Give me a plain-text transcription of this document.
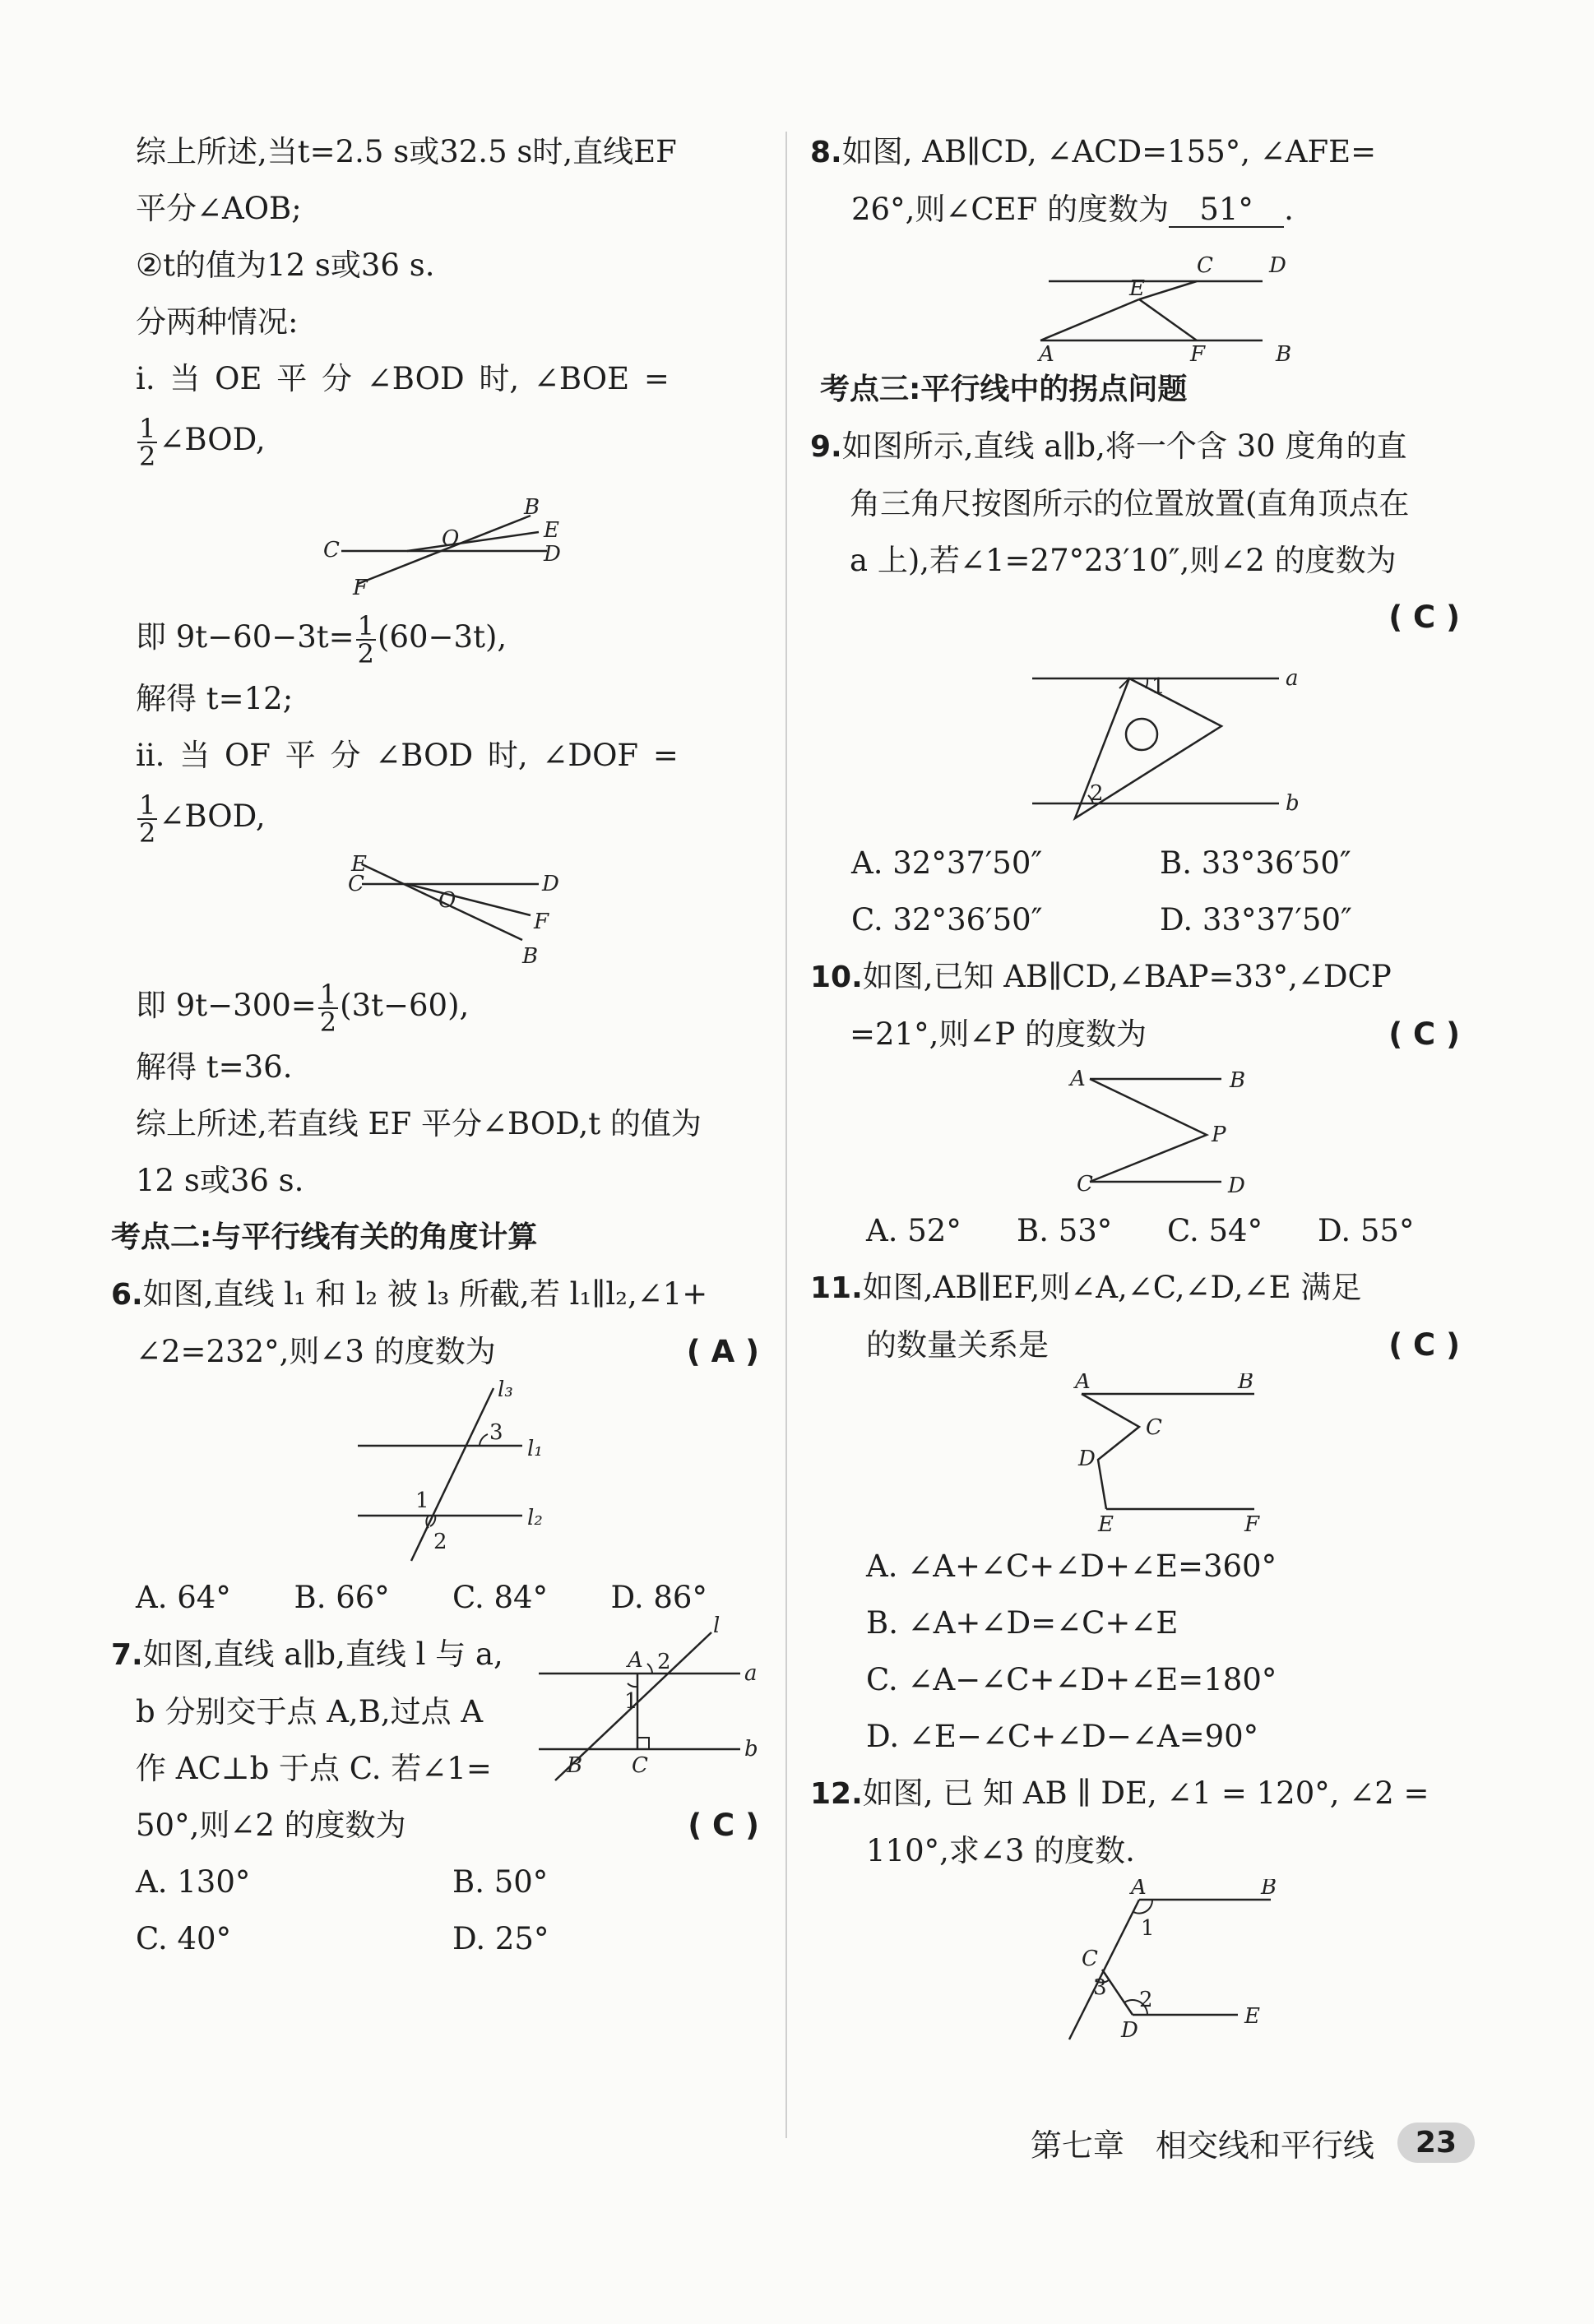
综上所述,当t=2.5 s或32.5 s时,直线EF

平分∠AOB;

②t的值为12 s或36 s.

分两种情况:

ⅰ. 当 OE 平 分 ∠BOD 时, ∠BOE =

$\frac{1}{2}$ ∠BOD,

B
E
C	O
D
F

即 $9t-60-3t= \frac{1}{2} (60-3t)$,

解得 t=12;

ⅱ. 当 OF 平 分 ∠BOD 时, ∠DOF =

$\frac{1}{2}$ ∠BOD,

E
C
O
D
F
B

即 $9t-300= \frac{1}{2} (3t-60)$,

解得 t=36.

综上所述,若直线 EF 平分∠BOD,t 的值为

12 s或36 s.

考点二:与平行线有关的角度计算

6.如图,直线 l₁ 和 l₂ 被 l₃ 所截,若 l₁∥l₂,∠1+

∠2=232°,则∠3 的度数为	( A )

l₃
3
l₁
1
l₂
2
A. 64°	B. 66°	C. 84°	D. 86°

7.如图,直线 a∥b,直线 l 与 a,

b 分别交于点 A,B,过点 A

作 AC⊥b 于点 C. 若∠1=

50°,则∠2 的度数为	( C )

l
A 2	a
1
b
B C
A. 130°	B. 50°
C. 40°	D. 25°

8.如图, AB∥CD, ∠ACD=155°, ∠AFE=

26°,则∠CEF 的度数为 51° .

C	D
E
A	F	B

考点三:平行线中的拐点问题

9.如图所示,直线 a∥b,将一个含 30 度角的直

角三角尺按图所示的位置放置(直角顶点在

a 上),若∠1=27°23′10″,则∠2 的度数为

( C )

a
b
1
2
A. 32°37′50″	B. 33°36′50″
C. 32°36′50″	D. 33°37′50″

10.如图,已知 AB∥CD,∠BAP=33°,∠DCP

=21°,则∠P 的度数为	( C )

A	B
P
C	D
A. 52°	B. 53°	C. 54°	D. 55°

11.如图,AB∥EF,则∠A,∠C,∠D,∠E 满足

的数量关系是	( C )

A	B
C
D
E	F

A. ∠A+∠C+∠D+∠E=360°

B. ∠A+∠D=∠C+∠E

C. ∠A−∠C+∠D+∠E=180°

D. ∠E−∠C+∠D−∠A=90°

12.如图, 已 知 AB ∥ DE, ∠1 = 120°, ∠2 =

110°,求∠3 的度数.

A	B
1
C
3 2
D
E
第七章　相交线和平行线	23
